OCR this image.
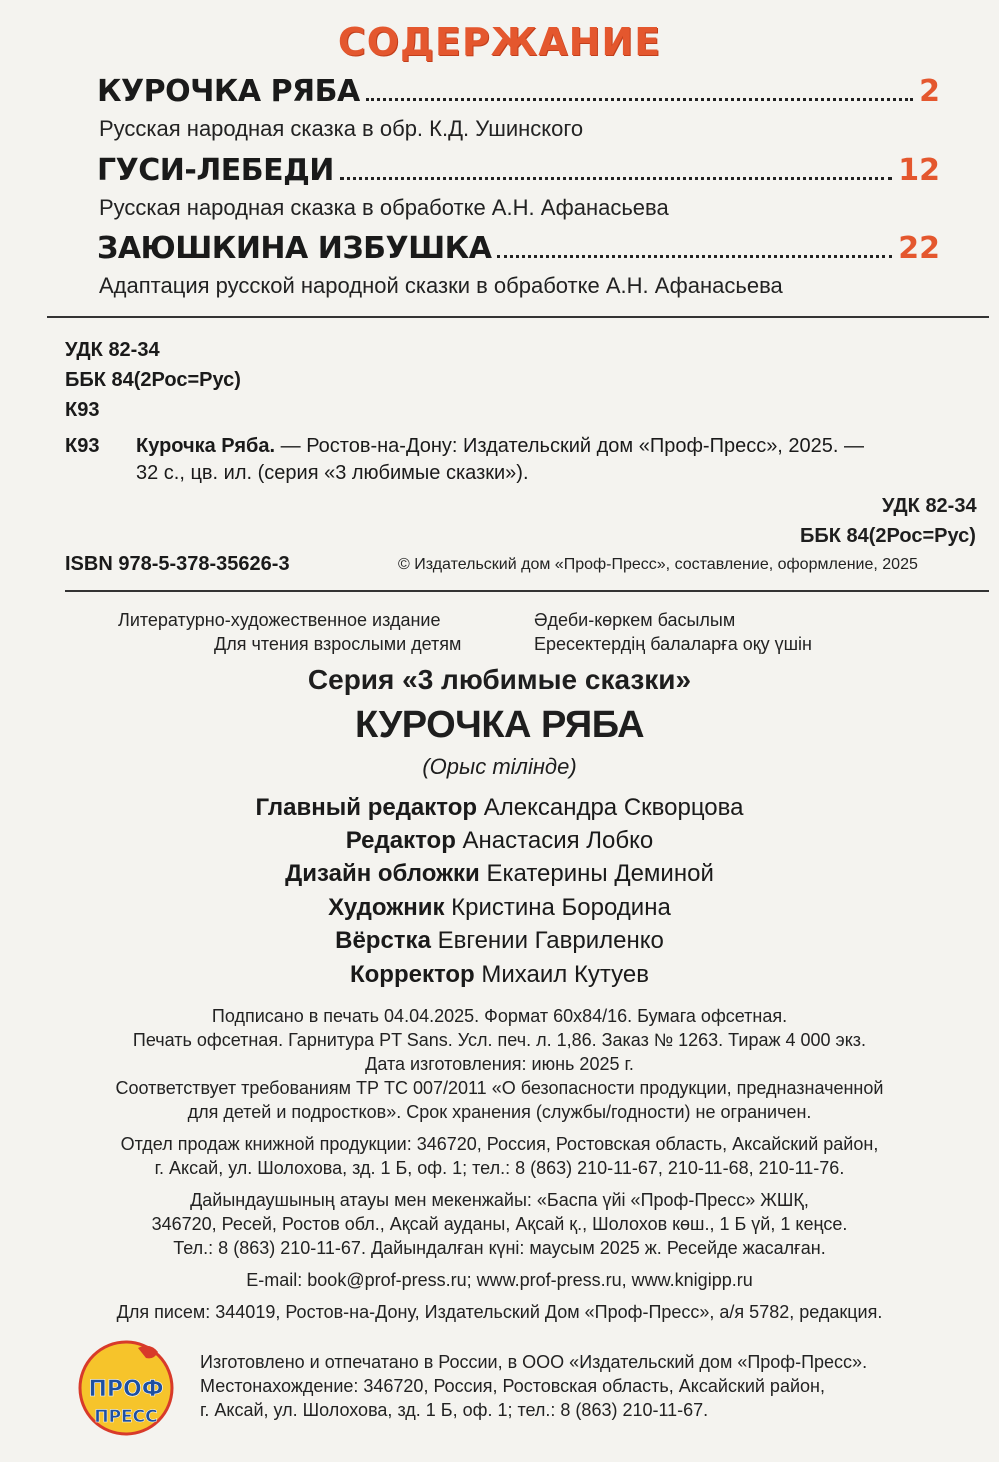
СОДЕРЖАНИЕ
КУРОЧКА РЯБА	2
Русская народная сказка в обр. К.Д. Ушинского
ГУСИ-ЛЕБЕДИ	12
Русская народная сказка в обработке А.Н. Афанасьева
ЗАЮШКИНА ИЗБУШКА	22
Адаптация русской народной сказки в обработке А.Н. Афанасьева
УДК 82-34
ББК 84(2Рос=Рус)
К93
К93 Курочка Ряба. — Ростов-на-Дону: Издательский дом «Проф-Пресс», 2025. —
32 с., цв. ил. (серия «3 любимые сказки»).
УДК 82-34
ББК 84(2Рос=Рус)
ISBN 978-5-378-35626-3	© Издательский дом «Проф-Пресс», составление, оформление, 2025
Литературно-художественное издание	Әдеби-көркем басылым
Для чтения взрослыми детям	Ересектердің балаларға оқу үшін
Серия «3 любимые сказки»
КУРОЧКА РЯБА
(Орыс тілінде)
Главный редактор Александра Скворцова
Редактор Анастасия Лобко
Дизайн обложки Екатерины Деминой
Художник Кристина Бородина
Вёрстка Евгении Гавриленко
Корректор Михаил Кутуев
Подписано в печать 04.04.2025. Формат 60x84/16. Бумага офсетная.
Печать офсетная. Гарнитура PT Sans. Усл. печ. л. 1,86. Заказ № 1263. Тираж 4 000 экз.
Дата изготовления: июнь 2025 г.
Соответствует требованиям ТР ТС 007/2011 «О безопасности продукции, предназначенной
для детей и подростков». Срок хранения (службы/годности) не ограничен.
Отдел продаж книжной продукции: 346720, Россия, Ростовская область, Аксайский район,
г. Аксай, ул. Шолохова, зд. 1 Б, оф. 1; тел.: 8 (863) 210-11-67, 210-11-68, 210-11-76.
Дайындаушының атауы мен мекенжайы: «Баспа үйі «Проф-Пресс» ЖШҚ,
346720, Ресей, Ростов обл., Ақсай ауданы, Ақсай қ., Шолохов көш., 1 Б үй, 1 кеңсе.
Тел.: 8 (863) 210-11-67. Дайындалған күні: маусым 2025 ж. Ресейде жасалған.
E-mail: book@prof-press.ru; www.prof-press.ru, www.knigipp.ru
Для писем: 344019, Ростов-на-Дону, Издательский Дом «Проф-Пресс», а/я 5782, редакция.
ПРОФ
ПРЕСС
Изготовлено и отпечатано в России, в ООО «Издательский дом «Проф-Пресс».
Местонахождение: 346720, Россия, Ростовская область, Аксайский район,
г. Аксай, ул. Шолохова, зд. 1 Б, оф. 1; тел.: 8 (863) 210-11-67.
